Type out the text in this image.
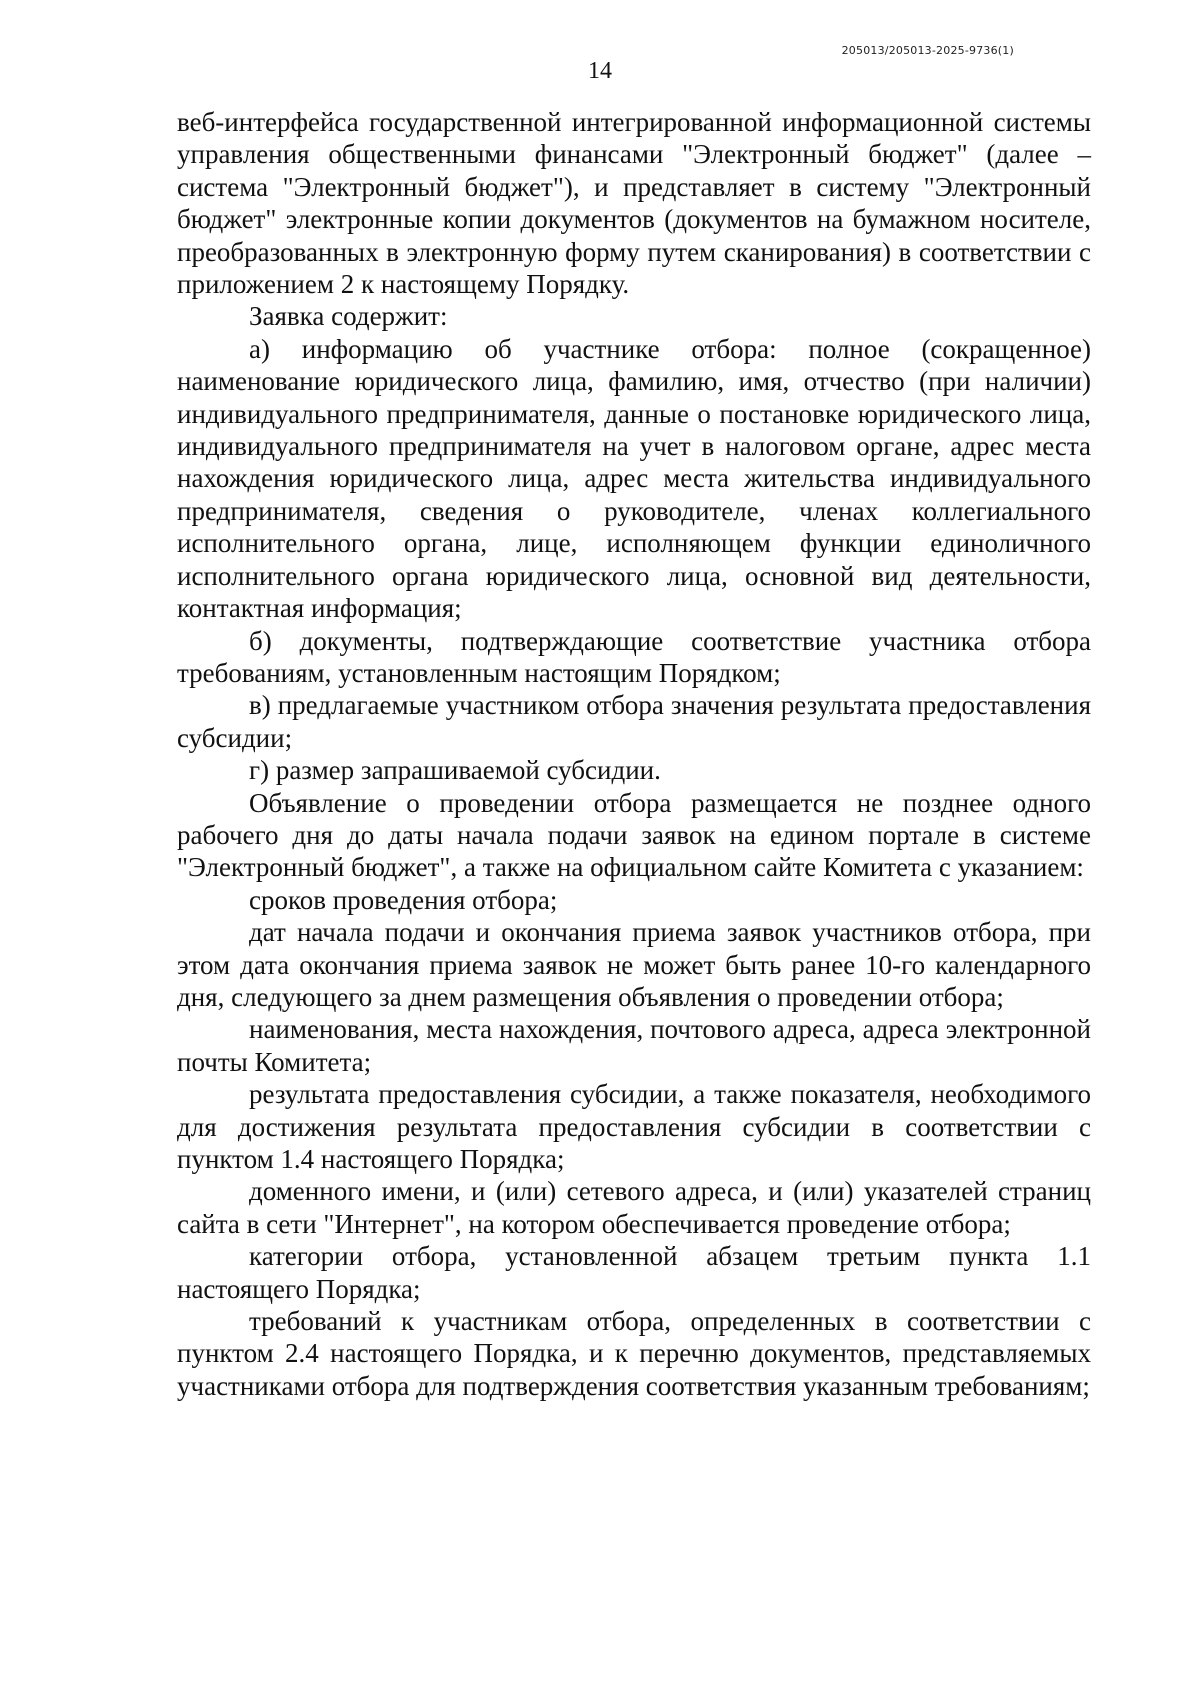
205013/205013-2025-9736(1)
14

веб-интерфейса государственной интегрированной информационной системы управления общественными финансами "Электронный бюджет" (далее – система "Электронный бюджет"), и представляет в систему "Электронный бюджет" электронные копии документов (документов на бумажном носителе, преобразованных в электронную форму путем сканирования) в соответствии с приложением 2 к настоящему Порядку.

Заявка содержит:

а) информацию об участнике отбора: полное (сокращенное) наименование юридического лица, фамилию, имя, отчество (при наличии) индивидуального предпринимателя, данные о постановке юридического лица, индивидуального предпринимателя на учет в налоговом органе, адрес места нахождения юридического лица, адрес места жительства индивидуального предпринимателя, сведения о руководителе, членах коллегиального исполнительного органа, лице, исполняющем функции единоличного исполнительного органа юридического лица, основной вид деятельности, контактная информация;

б) документы, подтверждающие соответствие участника отбора требованиям, установленным настоящим Порядком;

в) предлагаемые участником отбора значения результата предоставления субсидии;

г) размер запрашиваемой субсидии.

Объявление о проведении отбора размещается не позднее одного рабочего дня до даты начала подачи заявок на едином портале в системе "Электронный бюджет", а также на официальном сайте Комитета с указанием:

сроков проведения отбора;

дат начала подачи и окончания приема заявок участников отбора, при этом дата окончания приема заявок не может быть ранее 10-го календарного дня, следующего за днем размещения объявления о проведении отбора;

наименования, места нахождения, почтового адреса, адреса электронной почты Комитета;

результата предоставления субсидии, а также показателя, необходимого для достижения результата предоставления субсидии в соответствии с пунктом 1.4 настоящего Порядка;

доменного имени, и (или) сетевого адреса, и (или) указателей страниц сайта в сети "Интернет", на котором обеспечивается проведение отбора;

категории отбора, установленной абзацем третьим пункта 1.1 настоящего Порядка;

требований к участникам отбора, определенных в соответствии с пунктом 2.4 настоящего Порядка, и к перечню документов, представляемых участниками отбора для подтверждения соответствия указанным требованиям;
